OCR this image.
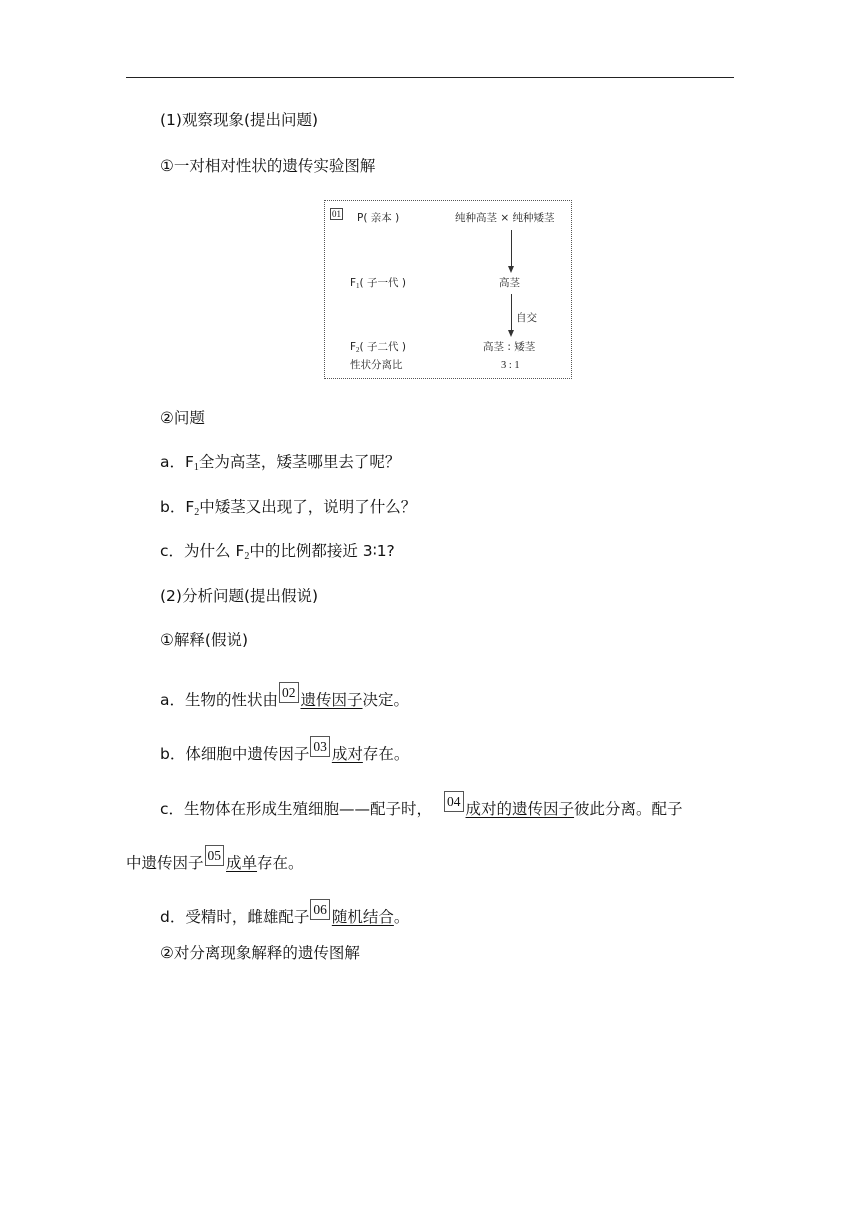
(1)观察现象(提出问题)
①一对相对性状的遗传实验图解
01 P( 亲本 )	纯种高茎 × 纯种矮茎
$F_1$( 子一代 )	高茎
自交
$F_2$( 子二代 )	高茎 : 矮茎
性状分离比	3 : 1
②问题
a．$F_1$全为高茎，矮茎哪里去了呢？
b．$F_2$中矮茎又出现了，说明了什么？
c．为什么 $F_2$中的比例都接近 3∶1?
(2)分析问题(提出假说)
①解释(假说)
a．生物的性状由 02 遗传因子决定。
b．体细胞中遗传因子 03 成对存在。
c．生物体在形成生殖细胞——配子时， 04 成对的遗传因子彼此分离。配子
中遗传因子 05 成单存在。
d．受精时，雌雄配子 06 随机结合。
②对分离现象解释的遗传图解
